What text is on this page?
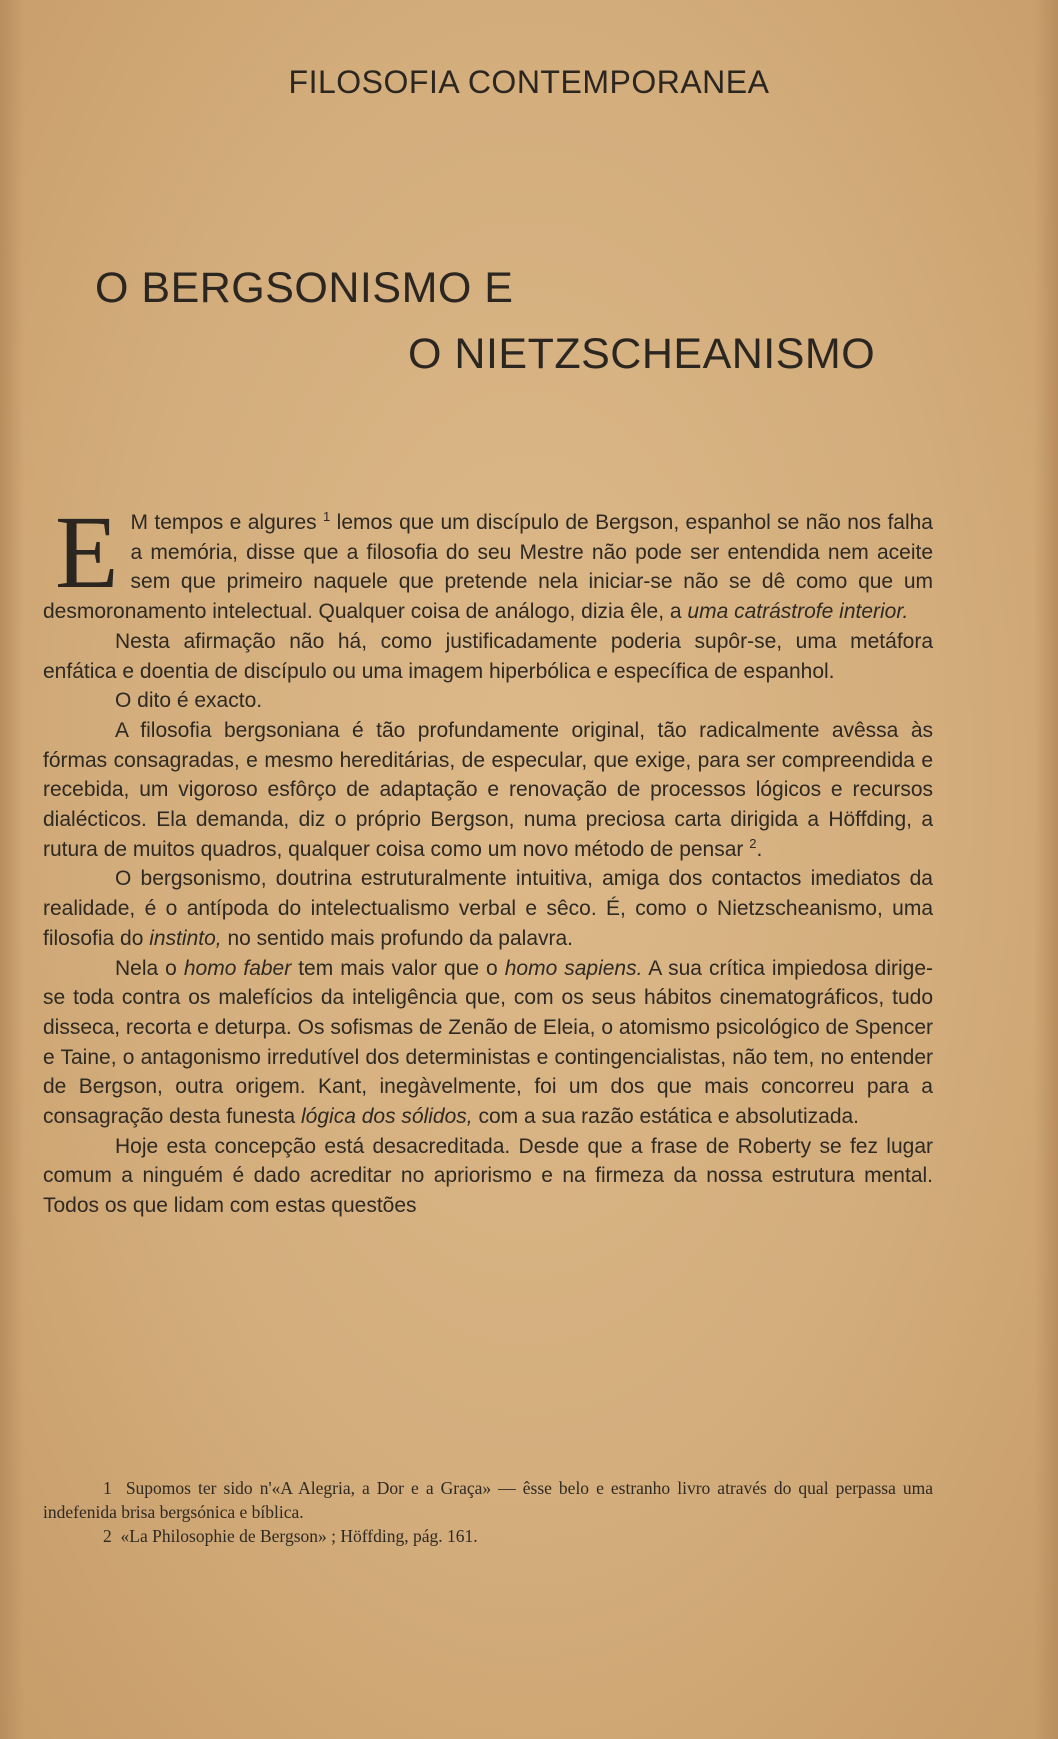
FILOSOFIA CONTEMPORANEA
O BERGSONISMO E
O NIETZSCHEANISMO

E M tempos e algures $^1$ lemos que um discípulo de Bergson, espanhol se não nos falha a memória, disse que a filosofia do seu Mestre não pode ser entendida nem aceite sem que primeiro naquele que pretende nela iniciar-se não se dê como que um desmoronamento intelectual. Qualquer coisa de análogo, dizia êle, a uma catrástrofe interior.

Nesta afirmação não há, como justificadamente poderia supôr-se, uma metáfora enfática e doentia de discípulo ou uma imagem hiperbólica e específica de espanhol.

O dito é exacto.

A filosofia bergsoniana é tão profundamente original, tão radicalmente avêssa às fórmas consagradas, e mesmo hereditárias, de especular, que exige, para ser compreendida e recebida, um vigoroso esfôrço de adaptação e renovação de processos lógicos e recursos dialécticos. Ela demanda, diz o próprio Bergson, numa preciosa carta dirigida a Höffding, a rutura de muitos quadros, qualquer coisa como um novo método de pensar $^2$.

O bergsonismo, doutrina estruturalmente intuitiva, amiga dos contactos imediatos da realidade, é o antípoda do intelectualismo verbal e sêco. É, como o Nietzscheanismo, uma filosofia do instinto, no sentido mais profundo da palavra.

Nela o homo faber tem mais valor que o homo sapiens. A sua crítica impiedosa dirige-se toda contra os malefícios da inteligência que, com os seus hábitos cinematográficos, tudo disseca, recorta e deturpa. Os sofismas de Zenão de Eleia, o atomismo psicológico de Spencer e Taine, o antagonismo irredutível dos deterministas e contingencialistas, não tem, no entender de Bergson, outra origem. Kant, inegàvelmente, foi um dos que mais concorreu para a consagração desta funesta lógica dos sólidos, com a sua razão estática e absolutizada.

Hoje esta concepção está desacreditada. Desde que a frase de Roberty se fez lugar comum a ninguém é dado acreditar no apriorismo e na firmeza da nossa estrutura mental. Todos os que lidam com estas questões

1 Supomos ter sido n'«A Alegria, a Dor e a Graça» — êsse belo e estranho livro através do qual perpassa uma indefenida brisa bergsónica e bíblica.

2 «La Philosophie de Bergson» ; Höffding, pág. 161.
